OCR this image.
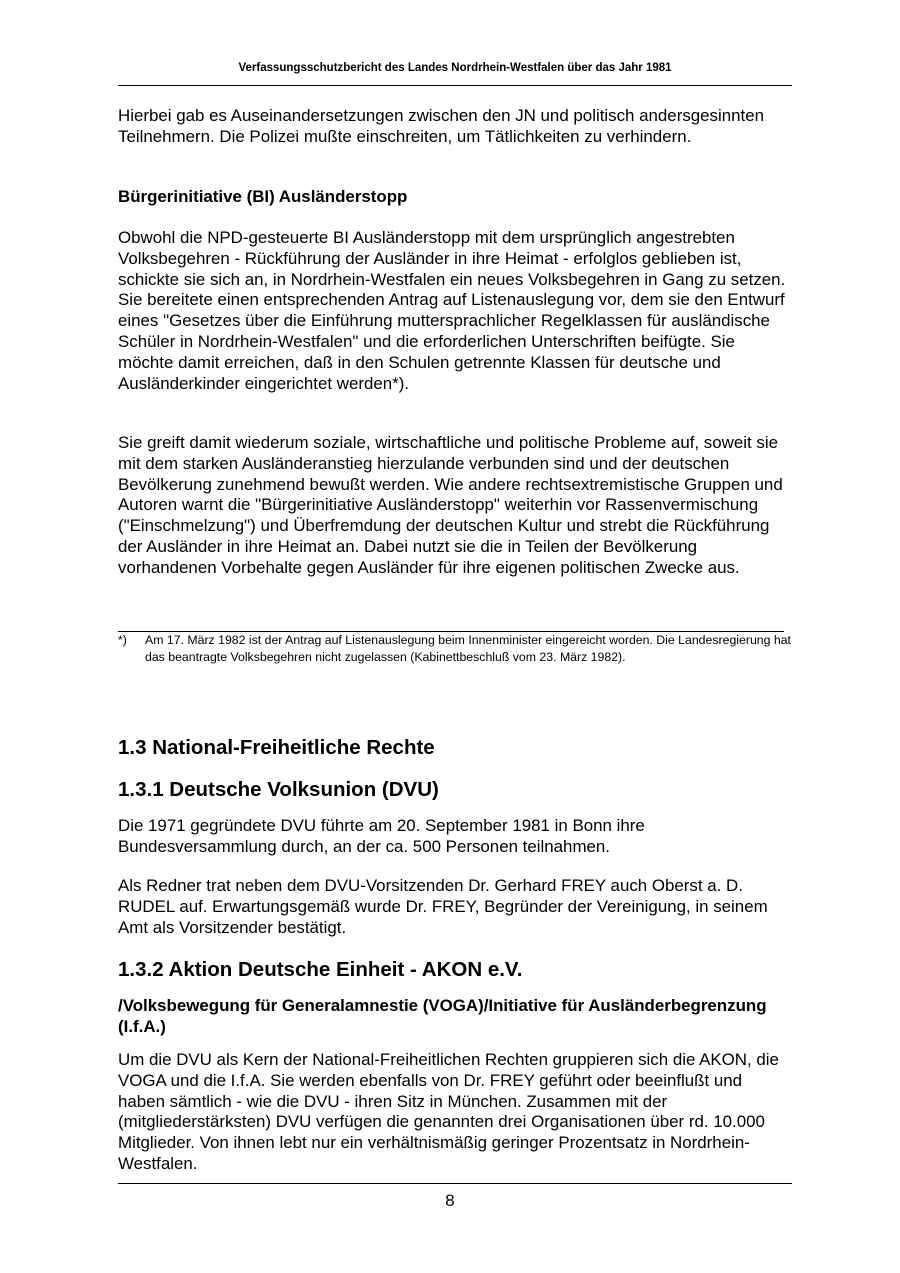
Verfassungsschutzbericht des Landes Nordrhein-Westfalen über das Jahr 1981

Hierbei gab es Auseinandersetzungen zwischen den JN und politisch andersgesinnten Teilnehmern. Die Polizei mußte einschreiten, um Tätlichkeiten zu verhindern.

Bürgerinitiative (BI) Ausländerstopp

Obwohl die NPD-gesteuerte BI Ausländerstopp mit dem ursprünglich angestrebten Volksbegehren - Rückführung der Ausländer in ihre Heimat - erfolglos geblieben ist, schickte sie sich an, in Nordrhein-Westfalen ein neues Volksbegehren in Gang zu setzen. Sie bereitete einen entsprechenden Antrag auf Listenauslegung vor, dem sie den Entwurf eines "Gesetzes über die Einführung muttersprachlicher Regelklassen für ausländische Schüler in Nordrhein-Westfalen" und die erforderlichen Unterschriften beifügte. Sie möchte damit erreichen, daß in den Schulen getrennte Klassen für deutsche und Ausländerkinder eingerichtet werden*).

Sie greift damit wiederum soziale, wirtschaftliche und politische Probleme auf, soweit sie mit dem starken Ausländeranstieg hierzulande verbunden sind und der deutschen Bevölkerung zunehmend bewußt werden. Wie andere rechtsextremistische Gruppen und Autoren warnt die "Bürgerinitiative Ausländerstopp" weiterhin vor Rassenvermischung ("Einschmelzung") und Überfremdung der deutschen Kultur und strebt die Rückführung der Ausländer in ihre Heimat an. Dabei nutzt sie die in Teilen der Bevölkerung vorhandenen Vorbehalte gegen Ausländer für ihre eigenen politischen Zwecke aus.

*) Am 17. März 1982 ist der Antrag auf Listenauslegung beim Innenminister eingereicht worden. Die Landesregierung hat das beantragte Volksbegehren nicht zugelassen (Kabinettbeschluß vom 23. März 1982).
1.3 National-Freiheitliche Rechte
1.3.1 Deutsche Volksunion (DVU)

Die 1971 gegründete DVU führte am 20. September 1981 in Bonn ihre Bundesversammlung durch, an der ca. 500 Personen teilnahmen.

Als Redner trat neben dem DVU-Vorsitzenden Dr. Gerhard FREY auch Oberst a. D. RUDEL auf. Erwartungsgemäß wurde Dr. FREY, Begründer der Vereinigung, in seinem Amt als Vorsitzender bestätigt.

1.3.2 Aktion Deutsche Einheit - AKON e.V.
/Volksbewegung für Generalamnestie (VOGA)/Initiative für Ausländerbegrenzung (I.f.A.)

Um die DVU als Kern der National-Freiheitlichen Rechten gruppieren sich die AKON, die VOGA und die I.f.A. Sie werden ebenfalls von Dr. FREY geführt oder beeinflußt und haben sämtlich - wie die DVU - ihren Sitz in München. Zusammen mit der (mitgliederstärksten) DVU verfügen die genannten drei Organisationen über rd. 10.000 Mitglieder. Von ihnen lebt nur ein verhältnismäßig geringer Prozentsatz in Nordrhein-Westfalen.

8
